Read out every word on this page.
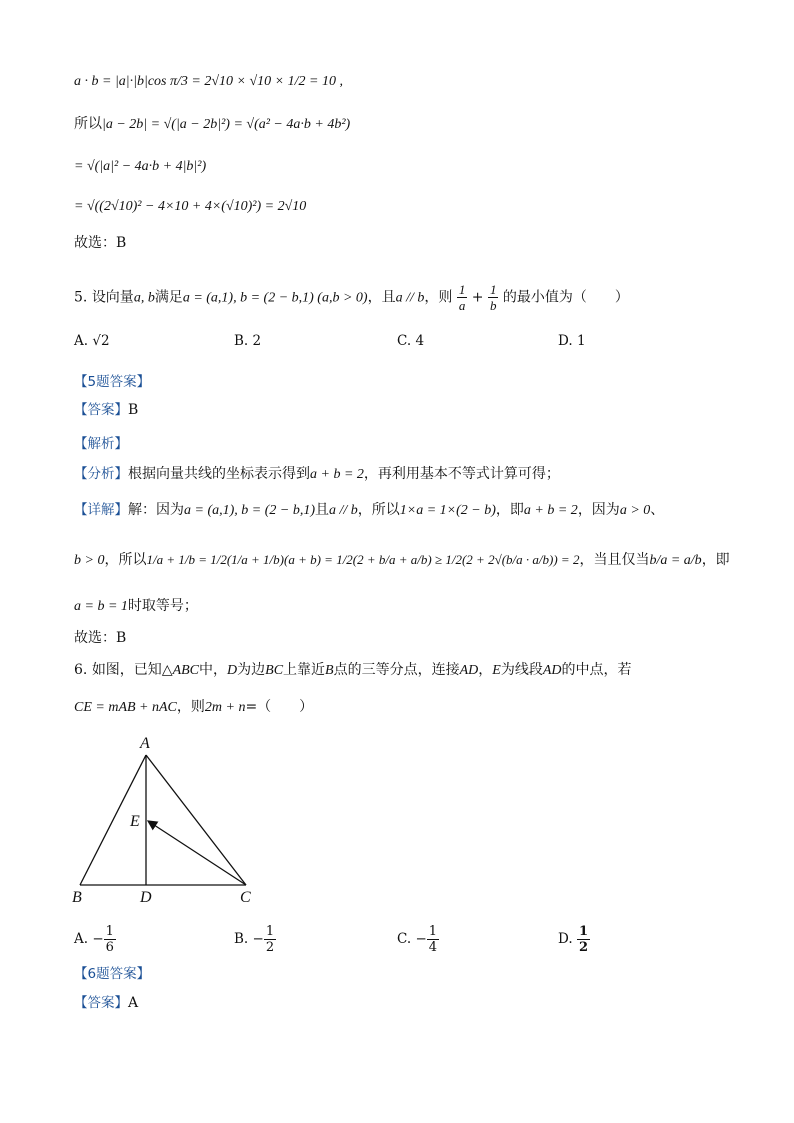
a · b = |a|·|b|cos π/3 = 2√10 × √10 × 1/2 = 10 ,
所以|a − 2b| = √(|a − 2b|²) = √(a² − 4a·b + 4b²)
= √(|a|² − 4a·b + 4|b|²)
= √((2√10)² − 4×10 + 4×(√10)²) = 2√10
故选：B
5. 设向量a, b满足a = (a,1), b = (2 − b,1) (a,b > 0)，且a // b，则 $\frac{1}{a} + \frac{1}{b}$ 的最小值为（　　）
A. √2	B. 2	C. 4	D. 1
【5题答案】
【答案】B
【解析】
【分析】根据向量共线的坐标表示得到a + b = 2，再利用基本不等式计算可得；
【详解】解：因为a = (a,1), b = (2 − b,1)且a // b，所以1×a = 1×(2 − b)，即a + b = 2，因为a > 0、
b > 0，所以1/a + 1/b = 1/2(1/a + 1/b)(a + b) = 1/2(2 + b/a + a/b) ≥ 1/2(2 + 2√(b/a · a/b)) = 2，当且仅当b/a = a/b，即
a = b = 1时取等号；
故选：B
6. 如图，已知△ABC中，D为边BC上靠近B点的三等分点，连接AD，E为线段AD的中点，若
CE = mAB + nAC，则2m + n=（　　）
A
B	C
D
E
A. − $\frac{1}{6}$	B. − $\frac{1}{2}$	C. − $\frac{1}{4}$	D. $\frac{1}{2}$
【6题答案】
【答案】A
